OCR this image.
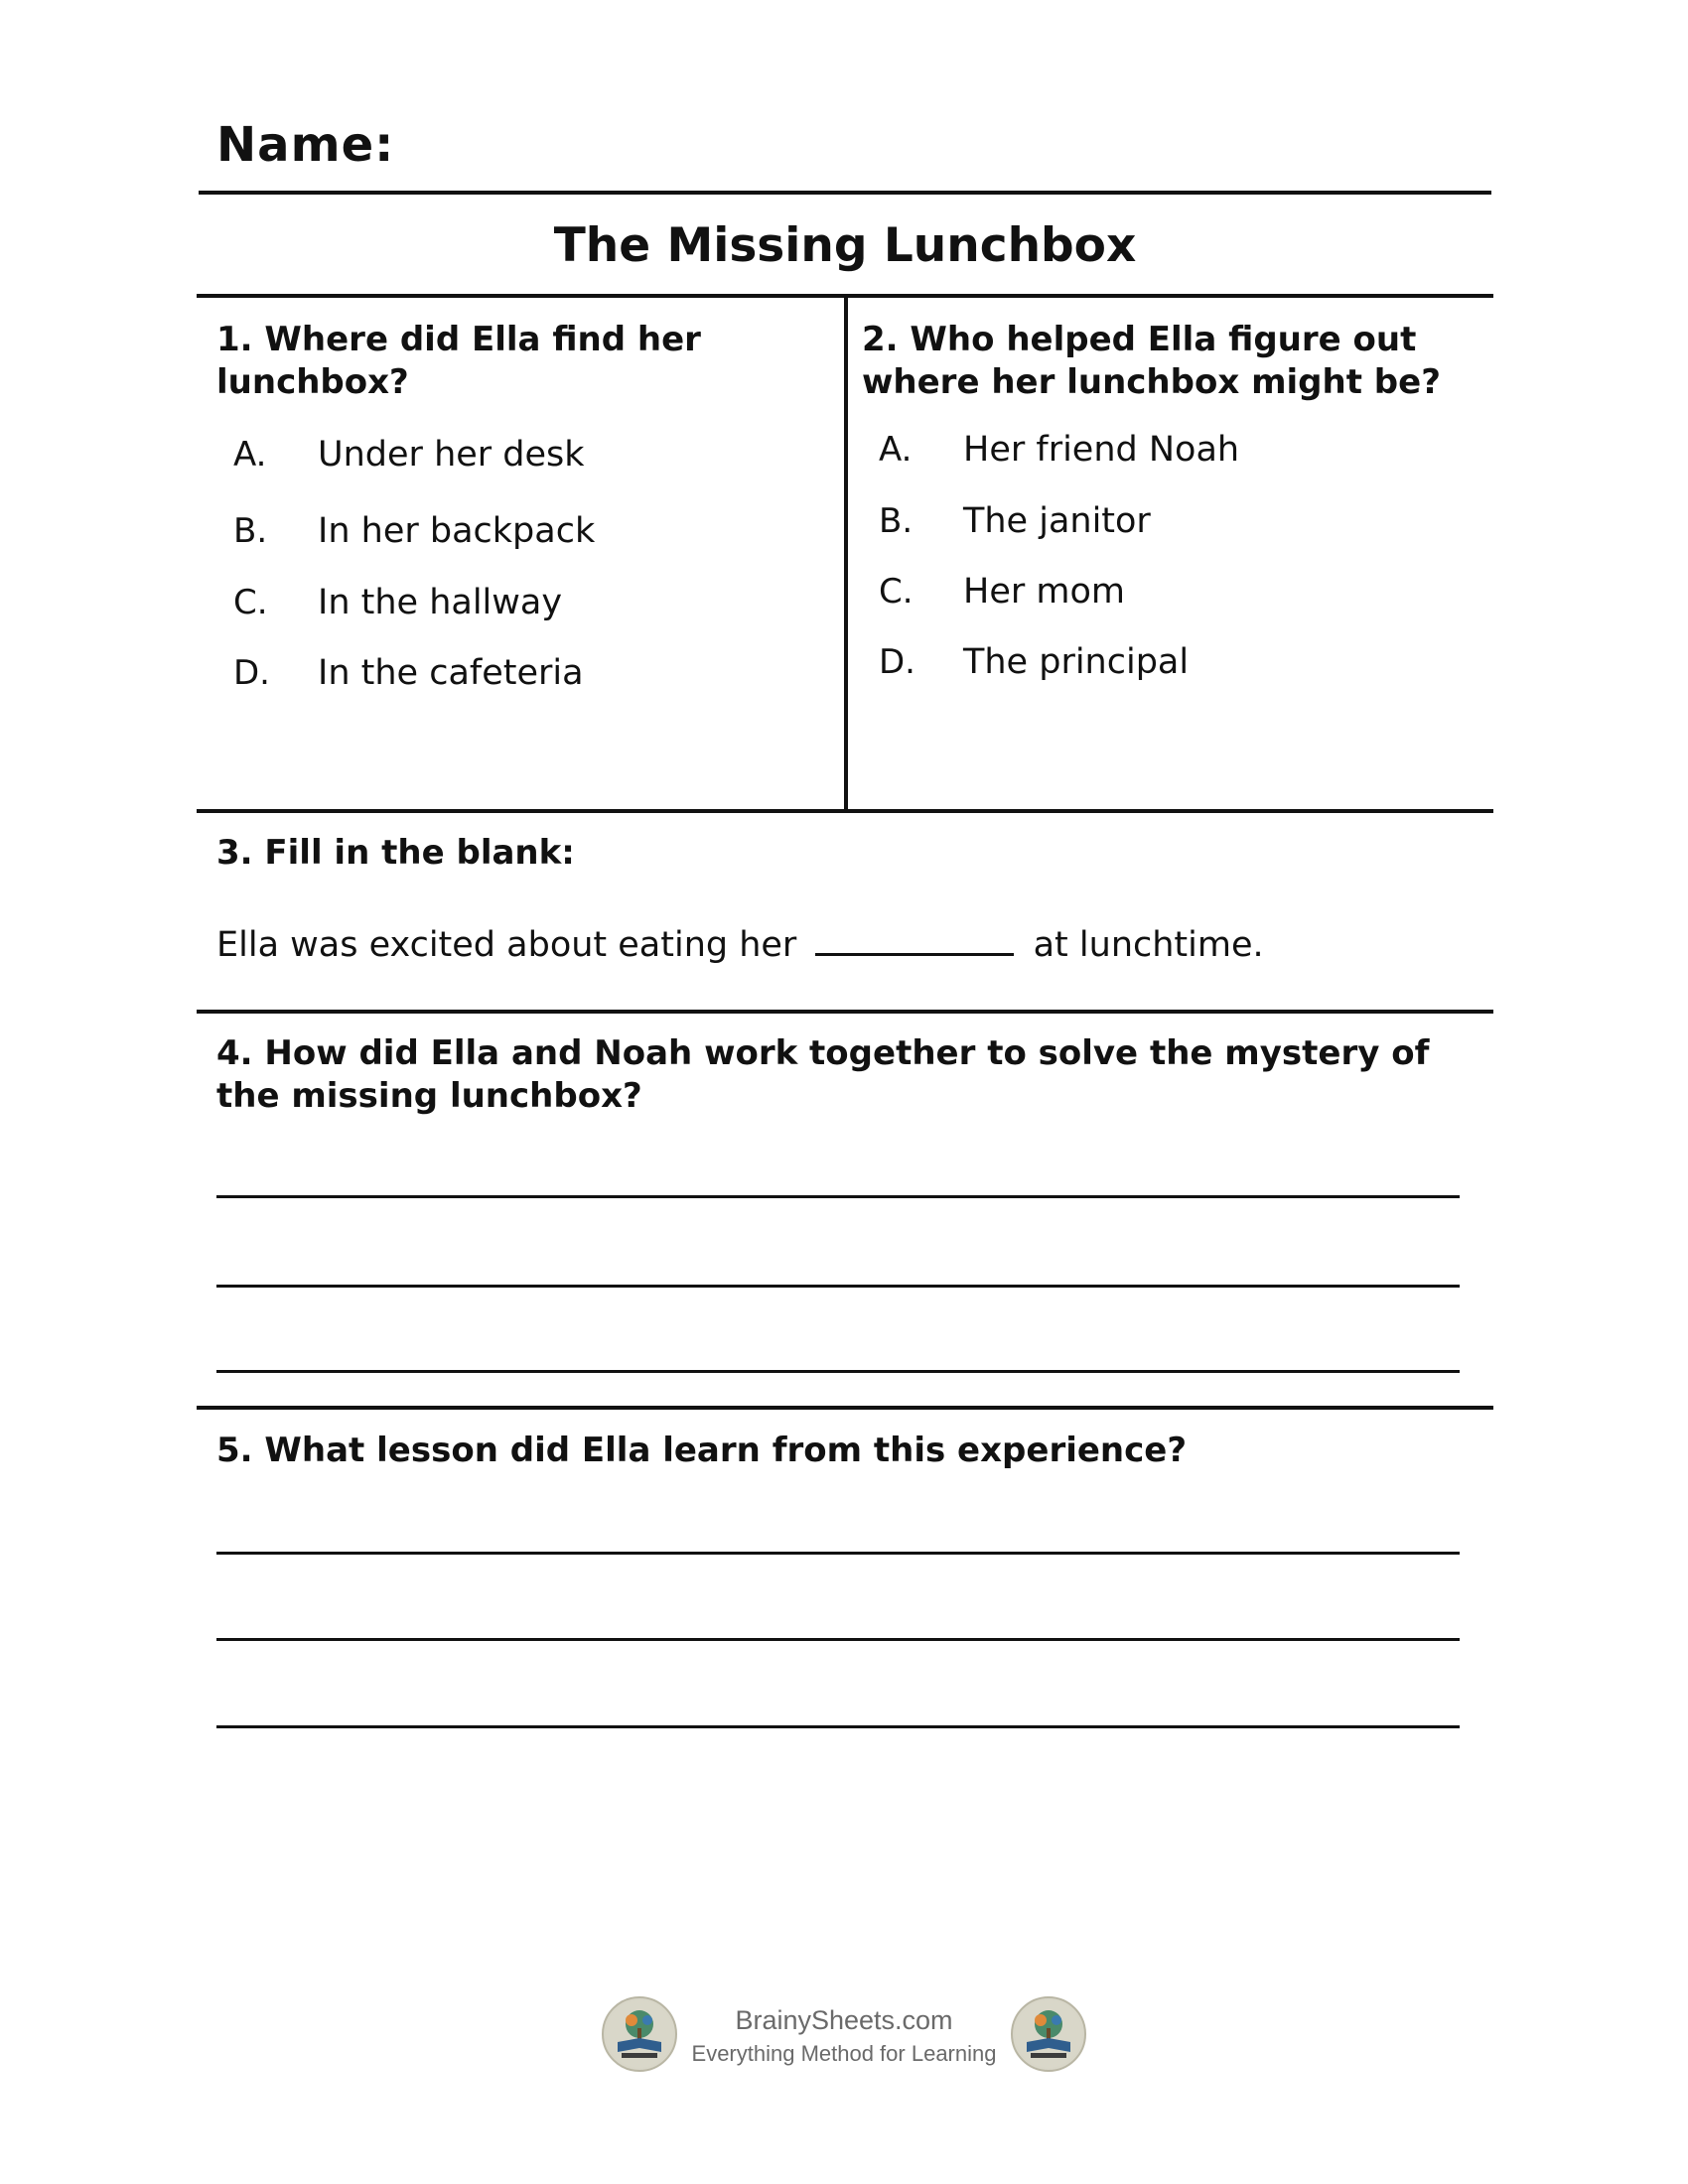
Name:
The Missing Lunchbox
1. Where did Ella find her lunchbox?
A.	Under her desk
B.	In her backpack
C.	In the hallway
D.	In the cafeteria
2. Who helped Ella figure out where her lunchbox might be?
A.	Her friend Noah
B.	The janitor
C.	Her mom
D.	The principal
3. Fill in the blank:
Ella was excited about eating her	at lunchtime.
4. How did Ella and Noah work together to solve the mystery of the missing lunchbox?
5. What lesson did Ella learn from this experience?
BrainySheets.com
Everything Method for Learning
